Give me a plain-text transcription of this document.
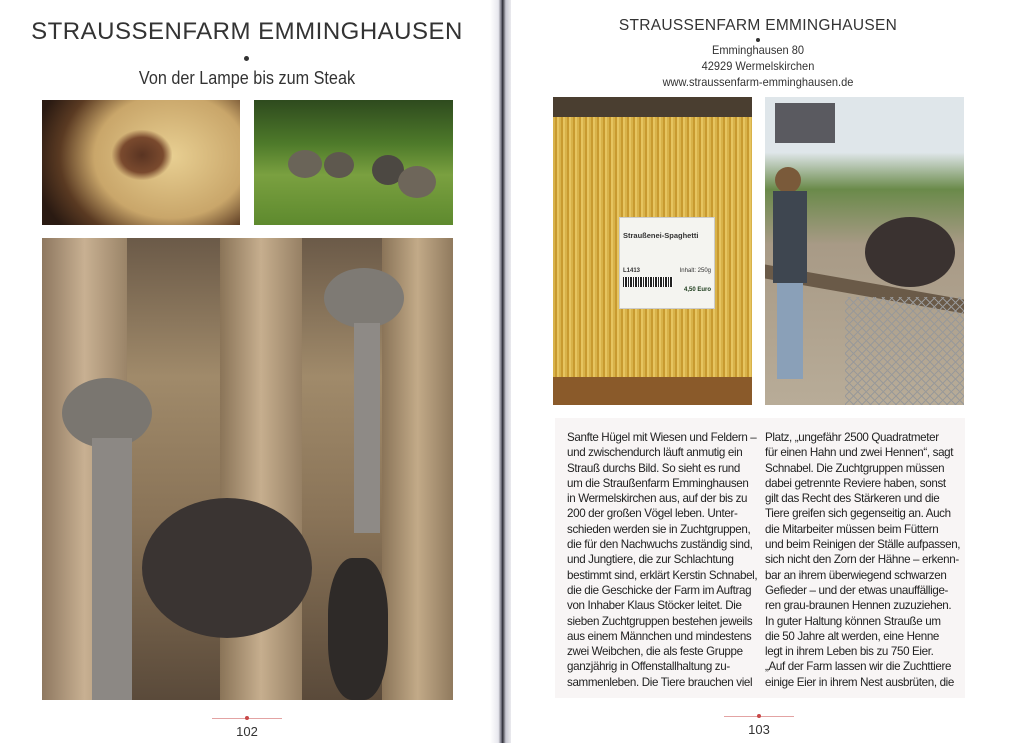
STRAUSSENFARM EMMINGHAUSEN
Von der Lampe bis zum Steak
102
STRAUSSENFARM EMMINGHAUSEN
Emminghausen 80
42929 Wermelskirchen
www.straussenfarm-emminghausen.de
Straußenei-Spaghetti
L1413	Inhalt: 250g
4,50 Euro
Sanfte Hügel mit Wiesen und Feldern –
und zwischendurch läuft anmutig ein
Strauß durchs Bild. So sieht es rund
um die Straußenfarm Emminghausen
in Wermelskirchen aus, auf der bis zu
200 der großen Vögel leben. Unter-
schieden werden sie in Zuchtgruppen,
die für den Nachwuchs zuständig sind,
und Jungtiere, die zur Schlachtung
bestimmt sind, erklärt Kerstin Schnabel,
die die Geschicke der Farm im Auftrag
von Inhaber Klaus Stöcker leitet. Die
sieben Zuchtgruppen bestehen jeweils
aus einem Männchen und mindestens
zwei Weibchen, die als feste Gruppe
ganzjährig in Offenstallhaltung zu-
sammenleben. Die Tiere brauchen viel
Platz, „ungefähr 2500 Quadratmeter
für einen Hahn und zwei Hennen“, sagt
Schnabel. Die Zuchtgruppen müssen
dabei getrennte Reviere haben, sonst
gilt das Recht des Stärkeren und die
Tiere greifen sich gegenseitig an. Auch
die Mitarbeiter müssen beim Füttern
und beim Reinigen der Ställe aufpassen,
sich nicht den Zorn der Hähne – erkenn-
bar an ihrem überwiegend schwarzen
Gefieder – und der etwas unauffällige-
ren grau-braunen Hennen zuzuziehen.
In guter Haltung können Strauße um
die 50 Jahre alt werden, eine Henne
legt in ihrem Leben bis zu 750 Eier.
„Auf der Farm lassen wir die Zuchttiere
einige Eier in ihrem Nest ausbrüten, die
103
